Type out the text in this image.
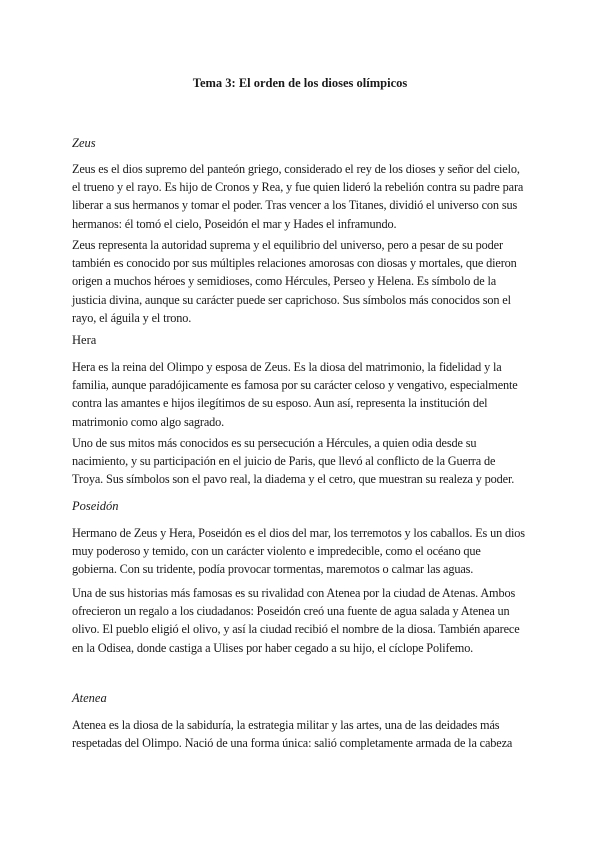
Tema 3: El orden de los dioses olímpicos

Zeus

Zeus es el dios supremo del panteón griego, considerado el rey de los dioses y señor del cielo, el trueno y el rayo. Es hijo de Cronos y Rea, y fue quien lideró la rebelión contra su padre para liberar a sus hermanos y tomar el poder. Tras vencer a los Titanes, dividió el universo con sus hermanos: él tomó el cielo, Poseidón el mar y Hades el inframundo.

Zeus representa la autoridad suprema y el equilibrio del universo, pero a pesar de su poder también es conocido por sus múltiples relaciones amorosas con diosas y mortales, que dieron origen a muchos héroes y semidioses, como Hércules, Perseo y Helena. Es símbolo de la justicia divina, aunque su carácter puede ser caprichoso. Sus símbolos más conocidos son el rayo, el águila y el trono.

Hera

Hera es la reina del Olimpo y esposa de Zeus. Es la diosa del matrimonio, la fidelidad y la familia, aunque paradójicamente es famosa por su carácter celoso y vengativo, especialmente contra las amantes e hijos ilegítimos de su esposo. Aun así, representa la institución del matrimonio como algo sagrado.

Uno de sus mitos más conocidos es su persecución a Hércules, a quien odia desde su nacimiento, y su participación en el juicio de Paris, que llevó al conflicto de la Guerra de Troya. Sus símbolos son el pavo real, la diadema y el cetro, que muestran su realeza y poder.

Poseidón

Hermano de Zeus y Hera, Poseidón es el dios del mar, los terremotos y los caballos. Es un dios muy poderoso y temido, con un carácter violento e impredecible, como el océano que gobierna. Con su tridente, podía provocar tormentas, maremotos o calmar las aguas.

Una de sus historias más famosas es su rivalidad con Atenea por la ciudad de Atenas. Ambos ofrecieron un regalo a los ciudadanos: Poseidón creó una fuente de agua salada y Atenea un olivo. El pueblo eligió el olivo, y así la ciudad recibió el nombre de la diosa. También aparece en la Odisea, donde castiga a Ulises por haber cegado a su hijo, el cíclope Polifemo.

Atenea

Atenea es la diosa de la sabiduría, la estrategia militar y las artes, una de las deidades más respetadas del Olimpo. Nació de una forma única: salió completamente armada de la cabeza
